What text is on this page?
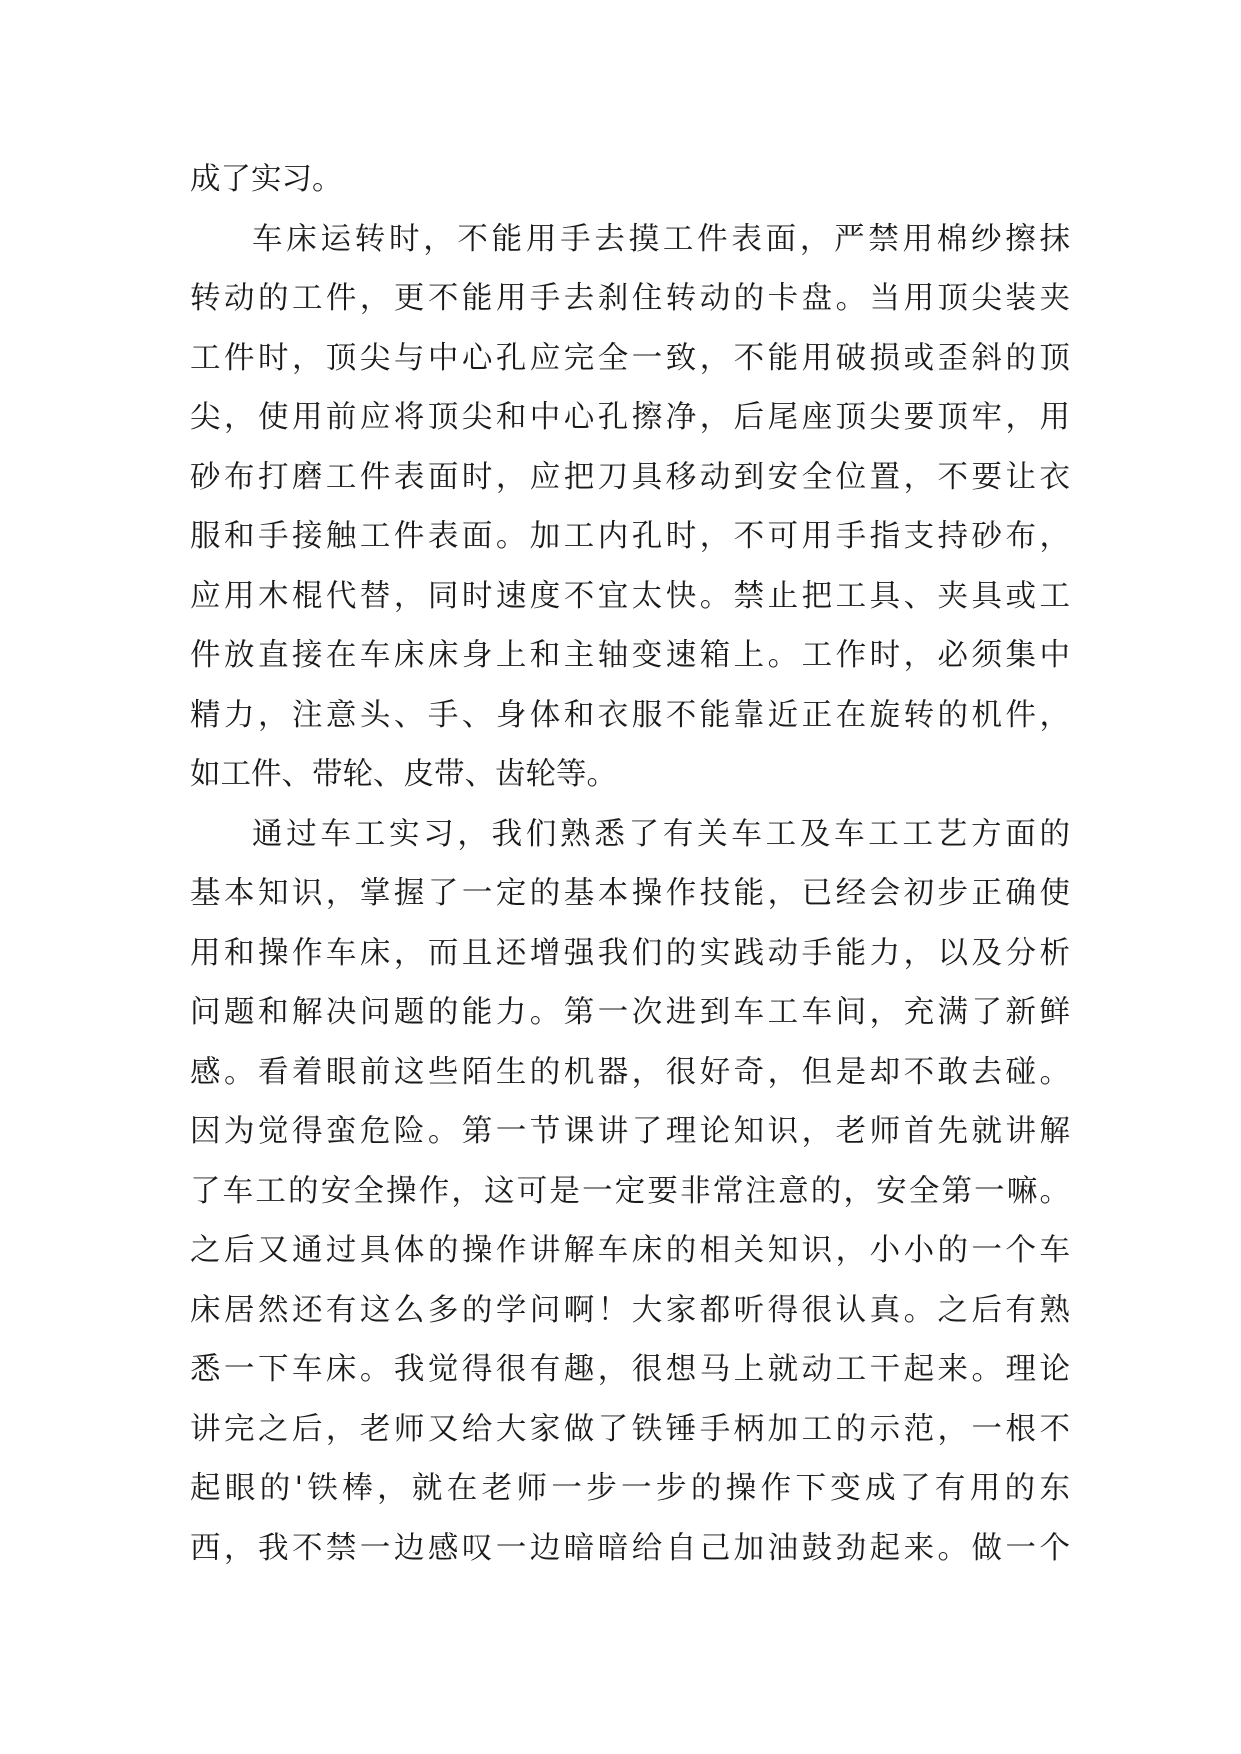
成了实习。
车床运转时，不能用手去摸工件表面，严禁用棉纱擦抹
转动的工件，更不能用手去刹住转动的卡盘。当用顶尖装夹
工件时，顶尖与中心孔应完全一致，不能用破损或歪斜的顶
尖，使用前应将顶尖和中心孔擦净，后尾座顶尖要顶牢，用
砂布打磨工件表面时，应把刀具移动到安全位置，不要让衣
服和手接触工件表面。加工内孔时，不可用手指支持砂布，
应用木棍代替，同时速度不宜太快。禁止把工具、夹具或工
件放直接在车床床身上和主轴变速箱上。工作时，必须集中
精力，注意头、手、身体和衣服不能靠近正在旋转的机件，
如工件、带轮、皮带、齿轮等。
通过车工实习，我们熟悉了有关车工及车工工艺方面的
基本知识，掌握了一定的基本操作技能，已经会初步正确使
用和操作车床，而且还增强我们的实践动手能力，以及分析
问题和解决问题的能力。第一次进到车工车间，充满了新鲜
感。看着眼前这些陌生的机器，很好奇，但是却不敢去碰。
因为觉得蛮危险。第一节课讲了理论知识，老师首先就讲解
了车工的安全操作，这可是一定要非常注意的，安全第一嘛。
之后又通过具体的操作讲解车床的相关知识，小小的一个车
床居然还有这么多的学问啊！大家都听得很认真。之后有熟
悉一下车床。我觉得很有趣，很想马上就动工干起来。理论
讲完之后，老师又给大家做了铁锤手柄加工的示范，一根不
起眼的'铁棒，就在老师一步一步的操作下变成了有用的东
西，我不禁一边感叹一边暗暗给自己加油鼓劲起来。做一个
